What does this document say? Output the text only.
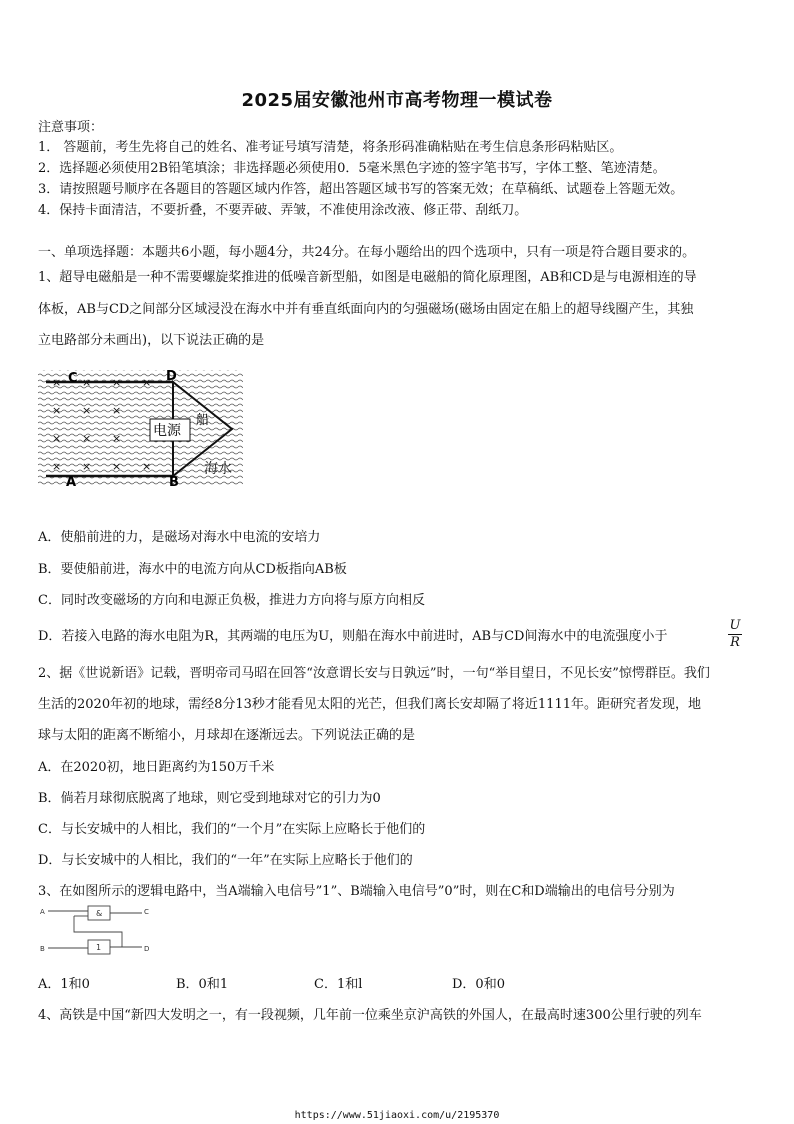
2025届安徽池州市高考物理一模试卷
注意事项：
1． 答题前，考生先将自己的姓名、准考证号填写清楚，将条形码准确粘贴在考生信息条形码粘贴区。
2．选择题必须使用2B铅笔填涂；非选择题必须使用0．5毫米黑色字迹的签字笔书写，字体工整、笔迹清楚。
3．请按照题号顺序在各题目的答题区域内作答，超出答题区域书写的答案无效；在草稿纸、试题卷上答题无效。
4．保持卡面清洁，不要折叠，不要弄破、弄皱，不准使用涂改液、修正带、刮纸刀。
一、单项选择题：本题共6小题，每小题4分，共24分。在每小题给出的四个选项中，只有一项是符合题目要求的。
1、超导电磁船是一种不需要螺旋桨推进的低噪音新型船，如图是电磁船的简化原理图，AB和CD是与电源相连的导
体板，AB与CD之间部分区域浸没在海水中并有垂直纸面向内的匀强磁场(磁场由固定在船上的超导线圈产生，其独
立电路部分未画出)，以下说法正确的是
× × × ×
× × ×
× × ×
× × × ×
电源
船
海水
C	D
A	B
A．使船前进的力，是磁场对海水中电流的安培力
B．要使船前进，海水中的电流方向从CD板指向AB板
C．同时改变磁场的方向和电源正负极，推进力方向将与原方向相反
D．若接入电路的海水电阻为R，其两端的电压为U，则船在海水中前进时，AB与CD间海水中的电流强度小于
U
R
2、据《世说新语》记载，晋明帝司马昭在回答“汝意谓长安与日孰远”时，一句“举目望日，不见长安”惊愕群臣。我们
生活的2020年初的地球，需经8分13秒才能看见太阳的光芒，但我们离长安却隔了将近1111年。距研究者发现，地
球与太阳的距离不断缩小，月球却在逐渐远去。下列说法正确的是
A．在2020初，地日距离约为150万千米
B．倘若月球彻底脱离了地球，则它受到地球对它的引力为0
C．与长安城中的人相比，我们的“一个月”在实际上应略长于他们的
D．与长安城中的人相比，我们的“一年”在实际上应略长于他们的
3、在如图所示的逻辑电路中，当A端输入电信号”1”、B端输入电信号”0”时，则在C和D端输出的电信号分别为
A
B
C
D
&
1
A．1和0	B．0和1	C．1和l	D．0和0
4、高铁是中国“新四大发明之一，有一段视频，几年前一位乘坐京沪高铁的外国人，在最高时速300公里行驶的列车
https://www.51jiaoxi.com/u/2195370
